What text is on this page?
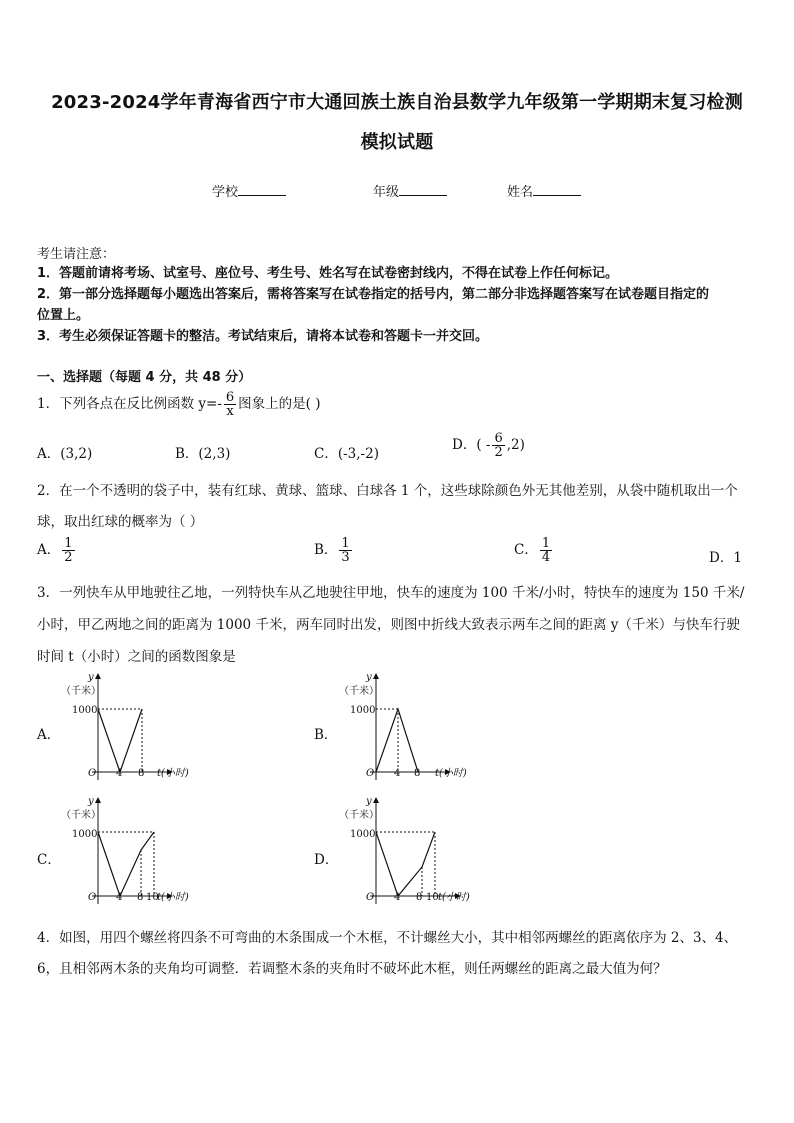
2023-2024学年青海省西宁市大通回族土族自治县数学九年级第一学期期末复习检测
模拟试题
学校	年级	姓名
考生请注意：
1．答题前请将考场、试室号、座位号、考生号、姓名写在试卷密封线内，不得在试卷上作任何标记。
2．第一部分选择题每小题选出答案后，需将答案写在试卷指定的括号内，第二部分非选择题答案写在试卷题目指定的
位置上。
3．考生必须保证答题卡的整洁。考试结束后，请将本试卷和答题卡一并交回。
一、选择题（每题 4 分，共 48 分）
1．下列各点在反比例函数 $y=- \frac{6}{x}$ 图象上的是( )
A．(3,2)	B．(2,3)	C．(-3,-2)
D．( - $\frac{6}{2} ,2$)
2．在一个不透明的袋子中，装有红球、黄球、篮球、白球各 1 个，这些球除颜色外无其他差别，从袋中随机取出一个
球，取出红球的概率为（ ）
A． $\frac{1}{2}$	B． $\frac{1}{3}$	C． $\frac{1}{4}$	D．1
3．一列快车从甲地驶往乙地，一列特快车从乙地驶往甲地，快车的速度为 100 千米/小时，特快车的速度为 150 千米/
小时，甲乙两地之间的距离为 1000 千米，两车同时出发，则图中折线大致表示两车之间的距离 y（千米）与快车行驶
时间 t（小时）之间的函数图象是
A．	B．
C．	D．
y
（千米）
1000
O 4 8 t(小时)
y
（千米）
1000
O 4 8 t(小时)
y
（千米）
1000
O 4 8 10
t(小时)
y
（千米）
1000
O 4 8 10 t(小时)
4．如图，用四个螺丝将四条不可弯曲的木条围成一个木框，不计螺丝大小，其中相邻两螺丝的距离依序为 2、3、4、
6，且相邻两木条的夹角均可调整．若调整木条的夹角时不破坏此木框，则任两螺丝的距离之最大值为何？
